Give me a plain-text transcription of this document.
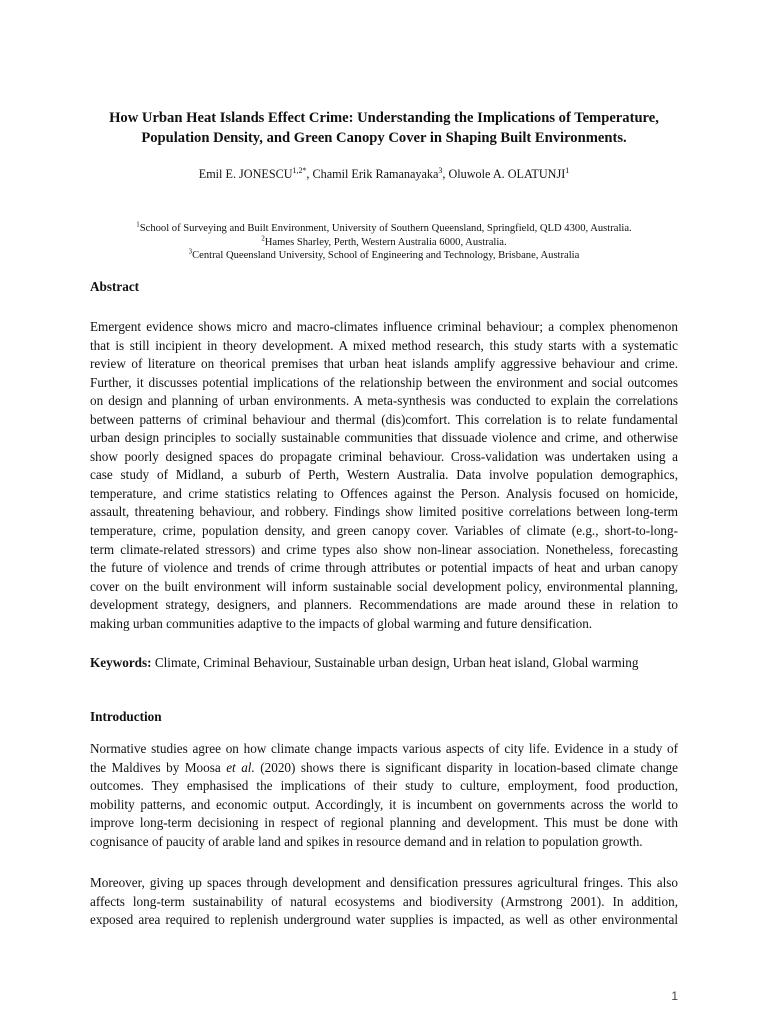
How Urban Heat Islands Effect Crime: Understanding the Implications of Temperature,
Population Density, and Green Canopy Cover in Shaping Built Environments.
Emil E. $JONESCU^{1,2*}$, Chamil Erik Ramanayaka$^3$, Oluwole A. OLATUNJI$^1$
$^1$School of Surveying and Built Environment, University of Southern Queensland, Springfield, QLD 4300, Australia.
$^2$Hames Sharley, Perth, Western Australia 6000, Australia.
$^3$Central Queensland University, School of Engineering and Technology, Brisbane, Australia
Abstract

Emergent evidence shows micro and macro-climates influence criminal behaviour; a complex phenomenon
that is still incipient in theory development. A mixed method research, this study starts with a systematic
review of literature on theorical premises that urban heat islands amplify aggressive behaviour and crime.
Further, it discusses potential implications of the relationship between the environment and social outcomes
on design and planning of urban environments. A meta-synthesis was conducted to explain the correlations
between patterns of criminal behaviour and thermal (dis)comfort. This correlation is to relate fundamental
urban design principles to socially sustainable communities that dissuade violence and crime, and otherwise
show poorly designed spaces do propagate criminal behaviour. Cross-validation was undertaken using a
case study of Midland, a suburb of Perth, Western Australia. Data involve population demographics,
temperature, and crime statistics relating to Offences against the Person. Analysis focused on homicide,
assault, threatening behaviour, and robbery. Findings show limited positive correlations between long-term
temperature, crime, population density, and green canopy cover. Variables of climate (e.g., short-to-long-
term climate-related stressors) and crime types also show non-linear association. Nonetheless, forecasting
the future of violence and trends of crime through attributes or potential impacts of heat and urban canopy
cover on the built environment will inform sustainable social development policy, environmental planning,
development strategy, designers, and planners. Recommendations are made around these in relation to
making urban communities adaptive to the impacts of global warming and future densification.

Keywords: Climate, Criminal Behaviour, Sustainable urban design, Urban heat island, Global warming
Introduction

Normative studies agree on how climate change impacts various aspects of city life. Evidence in a study of
the Maldives by Moosa et al. (2020) shows there is significant disparity in location-based climate change
outcomes. They emphasised the implications of their study to culture, employment, food production,
mobility patterns, and economic output. Accordingly, it is incumbent on governments across the world to
improve long-term decisioning in respect of regional planning and development. This must be done with
cognisance of paucity of arable land and spikes in resource demand and in relation to population growth.

Moreover, giving up spaces through development and densification pressures agricultural fringes. This also
affects long-term sustainability of natural ecosystems and biodiversity (Armstrong 2001). In addition,
exposed area required to replenish underground water supplies is impacted, as well as other environmental

1
